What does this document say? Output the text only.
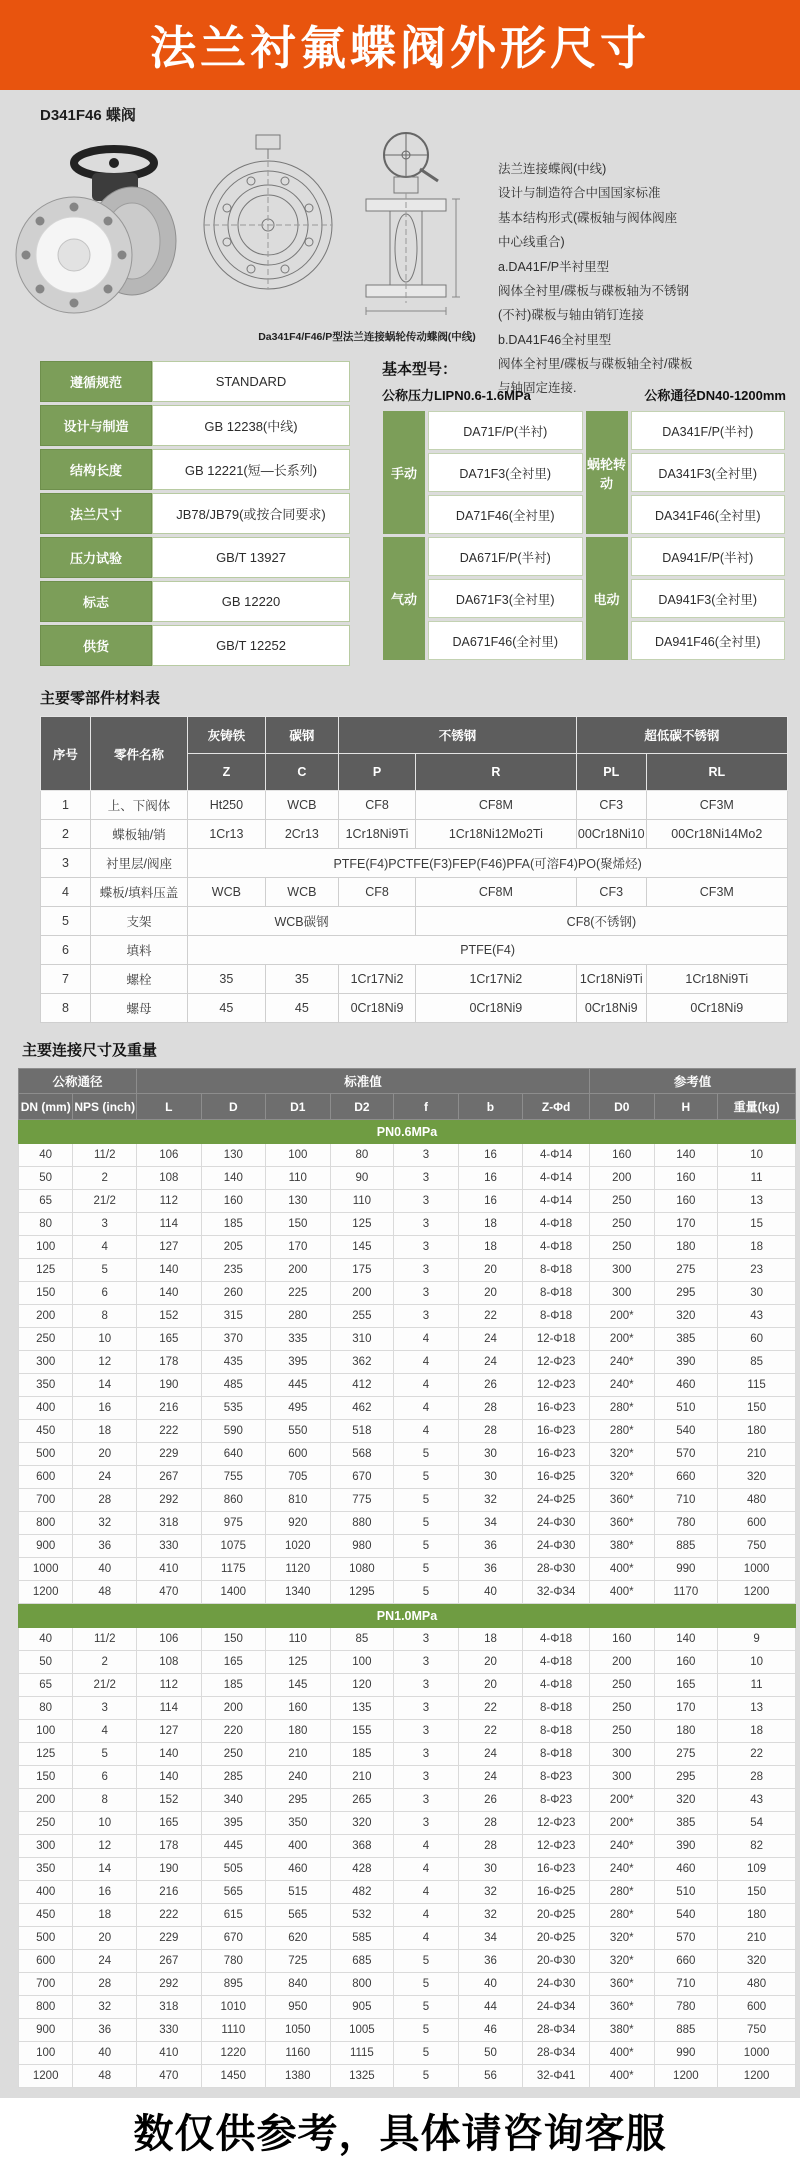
法兰衬氟蝶阀外形尺寸
D341F46 蝶阀
法兰连接蝶阀(中线)
设计与制造符合中国国家标准
基本结构形式(碟板轴与阀体阀座
中心线重合)
a.DA41F/P半衬里型
阀体全衬里/碟板与碟板轴为不锈钢
(不衬)碟板与轴由销钉连接
b.DA41F46全衬里型
阀体全衬里/碟板与碟板轴全衬/碟板
与轴固定连接.
Da341F4/F46/P型法兰连接蜗轮传动蝶阀(中线)
遵循规范	STANDARD
设计与制造	GB 12238(中线)
结构长度	GB 12221(短—长系列)
法兰尺寸	JB78/JB79(或按合同要求)
压力试验	GB/T 13927
标志	GB 12220
供货	GB/T 12252
基本型号：
公称压力LIPN0.6-1.6MPa	公称通径DN40-1200mm
手动	DA71F/P(半衬)	蜗轮转动	DA341F/P(半衬)
	DA71F3(全衬里)		DA341F3(全衬里)
	DA71F46(全衬里)		DA341F46(全衬里)
气动	DA671F/P(半衬)	电动	DA941F/P(半衬)
	DA671F3(全衬里)		DA941F3(全衬里)
	DA671F46(全衬里)		DA941F46(全衬里)
主要零部件材料表
序号	零件名称	灰铸铁	碳钢	不锈钢		超低碳不锈钢	
		Z	C	P	R	PL	RL
1	上、下阀体	Ht250	WCB	CF8	CF8M	CF3	CF3M
2	蝶板轴/销	1Cr13	2Cr13	1Cr18Ni9Ti	1Cr18Ni12Mo2Ti	00Cr18Ni10	00Cr18Ni14Mo2
3	衬里层/阀座	PTFE(F4)PCTFE(F3)FEP(F46)PFA(可溶F4)PO(聚烯烃)					
4	蝶板/填料压盖	WCB	WCB	CF8	CF8M	CF3	CF3M
5	支架	WCB碳钢			CF8(不锈钢)		
6	填料	PTFE(F4)					
7	螺栓	35	35	1Cr17Ni2	1Cr17Ni2	1Cr18Ni9Ti	1Cr18Ni9Ti
8	螺母	45	45	0Cr18Ni9	0Cr18Ni9	0Cr18Ni9	0Cr18Ni9
主要连接尺寸及重量
公称通径		标准值							参考值		
DN (mm)	NPS (inch)	L	D	D1	D2	f	b	Z-Φd	D0	H	重量(kg)
PN0.6MPa											
40	11/2	106	130	100	80	3	16	4-Φ14	160	140	10
50	2	108	140	110	90	3	16	4-Φ14	200	160	11
65	21/2	112	160	130	110	3	16	4-Φ14	250	160	13
80	3	114	185	150	125	3	18	4-Φ18	250	170	15
100	4	127	205	170	145	3	18	4-Φ18	250	180	18
125	5	140	235	200	175	3	20	8-Φ18	300	275	23
150	6	140	260	225	200	3	20	8-Φ18	300	295	30
200	8	152	315	280	255	3	22	8-Φ18	200*	320	43
250	10	165	370	335	310	4	24	12-Φ18	200*	385	60
300	12	178	435	395	362	4	24	12-Φ23	240*	390	85
350	14	190	485	445	412	4	26	12-Φ23	240*	460	115
400	16	216	535	495	462	4	28	16-Φ23	280*	510	150
450	18	222	590	550	518	4	28	16-Φ23	280*	540	180
500	20	229	640	600	568	5	30	16-Φ23	320*	570	210
600	24	267	755	705	670	5	30	16-Φ25	320*	660	320
700	28	292	860	810	775	5	32	24-Φ25	360*	710	480
800	32	318	975	920	880	5	34	24-Φ30	360*	780	600
900	36	330	1075	1020	980	5	36	24-Φ30	380*	885	750
1000	40	410	1175	1120	1080	5	36	28-Φ30	400*	990	1000
1200	48	470	1400	1340	1295	5	40	32-Φ34	400*	1170	1200
PN1.0MPa											
40	11/2	106	150	110	85	3	18	4-Φ18	160	140	9
50	2	108	165	125	100	3	20	4-Φ18	200	160	10
65	21/2	112	185	145	120	3	20	4-Φ18	250	165	11
80	3	114	200	160	135	3	22	8-Φ18	250	170	13
100	4	127	220	180	155	3	22	8-Φ18	250	180	18
125	5	140	250	210	185	3	24	8-Φ18	300	275	22
150	6	140	285	240	210	3	24	8-Φ23	300	295	28
200	8	152	340	295	265	3	26	8-Φ23	200*	320	43
250	10	165	395	350	320	3	28	12-Φ23	200*	385	54
300	12	178	445	400	368	4	28	12-Φ23	240*	390	82
350	14	190	505	460	428	4	30	16-Φ23	240*	460	109
400	16	216	565	515	482	4	32	16-Φ25	280*	510	150
450	18	222	615	565	532	4	32	20-Φ25	280*	540	180
500	20	229	670	620	585	4	34	20-Φ25	320*	570	210
600	24	267	780	725	685	5	36	20-Φ30	320*	660	320
700	28	292	895	840	800	5	40	24-Φ30	360*	710	480
800	32	318	1010	950	905	5	44	24-Φ34	360*	780	600
900	36	330	1110	1050	1005	5	46	28-Φ34	380*	885	750
100	40	410	1220	1160	1115	5	50	28-Φ34	400*	990	1000
1200	48	470	1450	1380	1325	5	56	32-Φ41	400*	1200	1200
数仅供参考，具体请咨询客服
